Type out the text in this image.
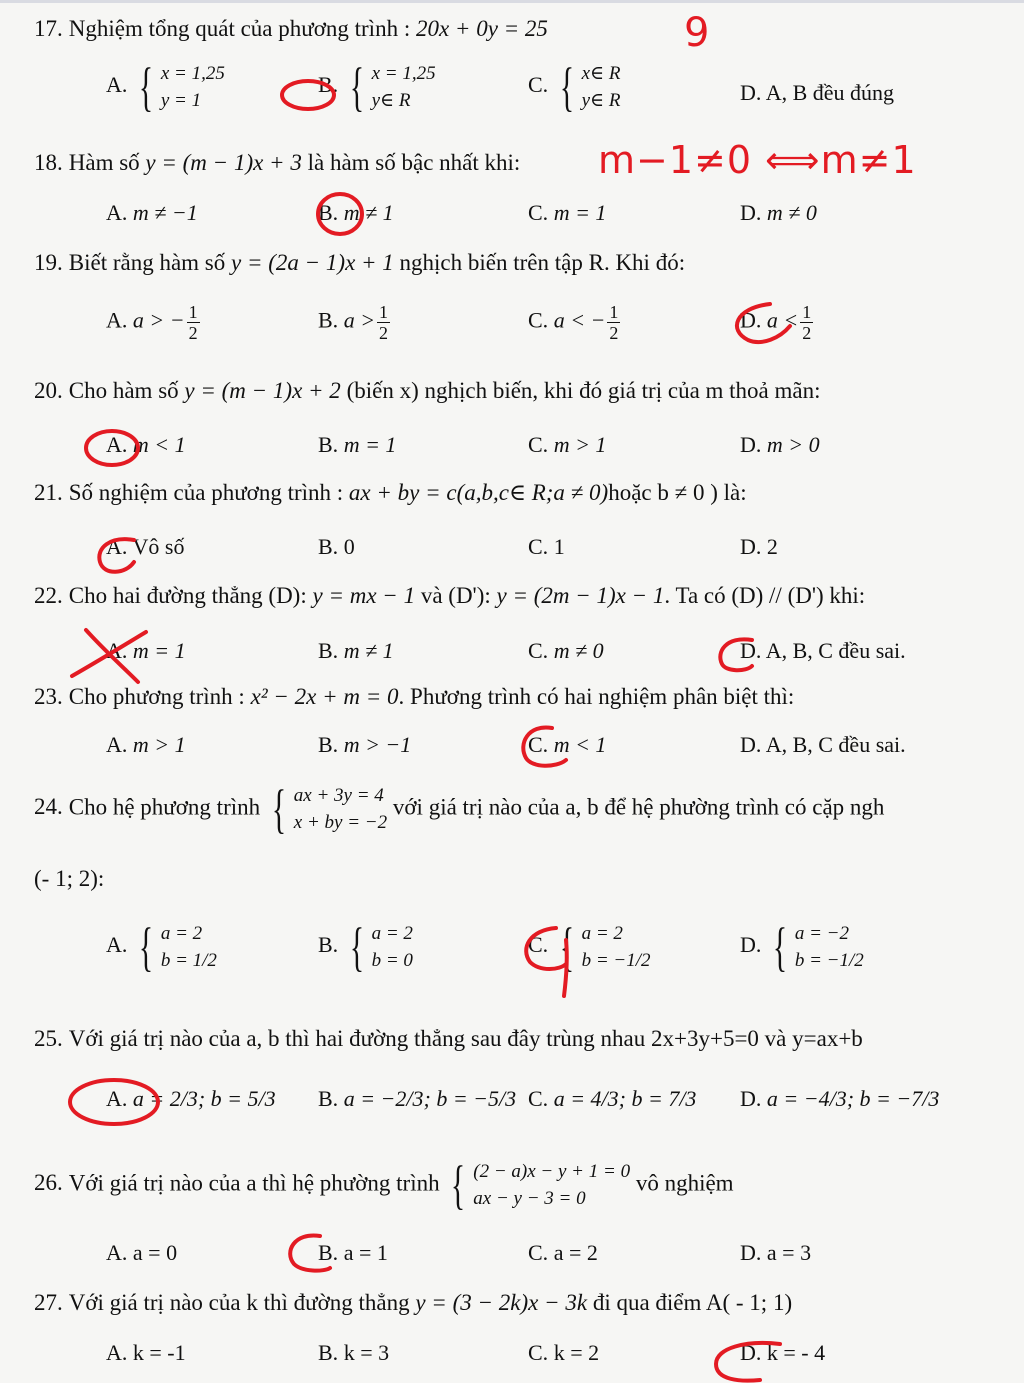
17. Nghiệm tổng quát của phương trình : 20x + 0y = 25
A. { x = 1,25
y = 1
B. { x = 1,25
y∈ R
C. { x∈ R
y∈ R	D. A, B đều đúng
18. Hàm số y = (m − 1)x + 3 là hàm số bậc nhất khi:
A. m ≠ −1	B. m ≠ 1	C. m = 1	D. m ≠ 0
19. Biết rằng hàm số y = (2a − 1)x + 1 nghịch biến trên tập R. Khi đó:
A. a > − $\frac{1}{2}$	B. $a > \frac{1}{2}$	C. a < − $\frac{1}{2}$	D. $a < \frac{1}{2}$
20. Cho hàm số y = (m − 1)x + 2 (biến x) nghịch biến, khi đó giá trị của m thoả mãn:
A. m < 1	B. m = 1	C. m > 1	D. m > 0
21. Số nghiệm của phương trình : ax + by = c(a,b,c∈ R;a ≠ 0)hoặc b ≠ 0 ) là:
A. Vô số	B. 0	C. 1	D. 2
22. Cho hai đường thẳng (D): y = mx − 1 và (D'): y = (2m − 1)x − 1. Ta có (D) // (D') khi:
A. m = 1	B. m ≠ 1	C. m ≠ 0	D. A, B, C đều sai.
23. Cho phương trình : x² − 2x + m = 0. Phương trình có hai nghiệm phân biệt thì:
A. m > 1	B. m > −1	C. m < 1	D. A, B, C đều sai.
24. Cho hệ phương trình { ax + 3y = 4
x + by = −2
với giá trị nào của a, b để hệ phường trình có cặp ngh
(- 1; 2):
A. { a = 2
b = 1/2
B. { a = 2
b = 0
C. { a = 2
b = −1/2
D. { a = −2
b = −1/2
25. Với giá trị nào của a, b thì hai đường thẳng sau đây trùng nhau 2x+3y+5=0 và y=ax+b
A. a = 2/3; b = 5/3 B. a = −2/3; b = −5/3 C. a = 4/3; b = 7/3 D. a = −4/3; b = −7/3
26. Với giá trị nào của a thì hệ phường trình { (2 − a)x − y + 1 = 0
ax − y − 3 = 0
vô nghiệm
A. a = 0	B. a = 1	C. a = 2	D. a = 3
27. Với giá trị nào của k thì đường thẳng y = (3 − 2k)x − 3k đi qua điểm A( - 1; 1)
A. k = -1	B. k = 3	C. k = 2	D. k = - 4
9
m−1≠0 ⟺m≠1
